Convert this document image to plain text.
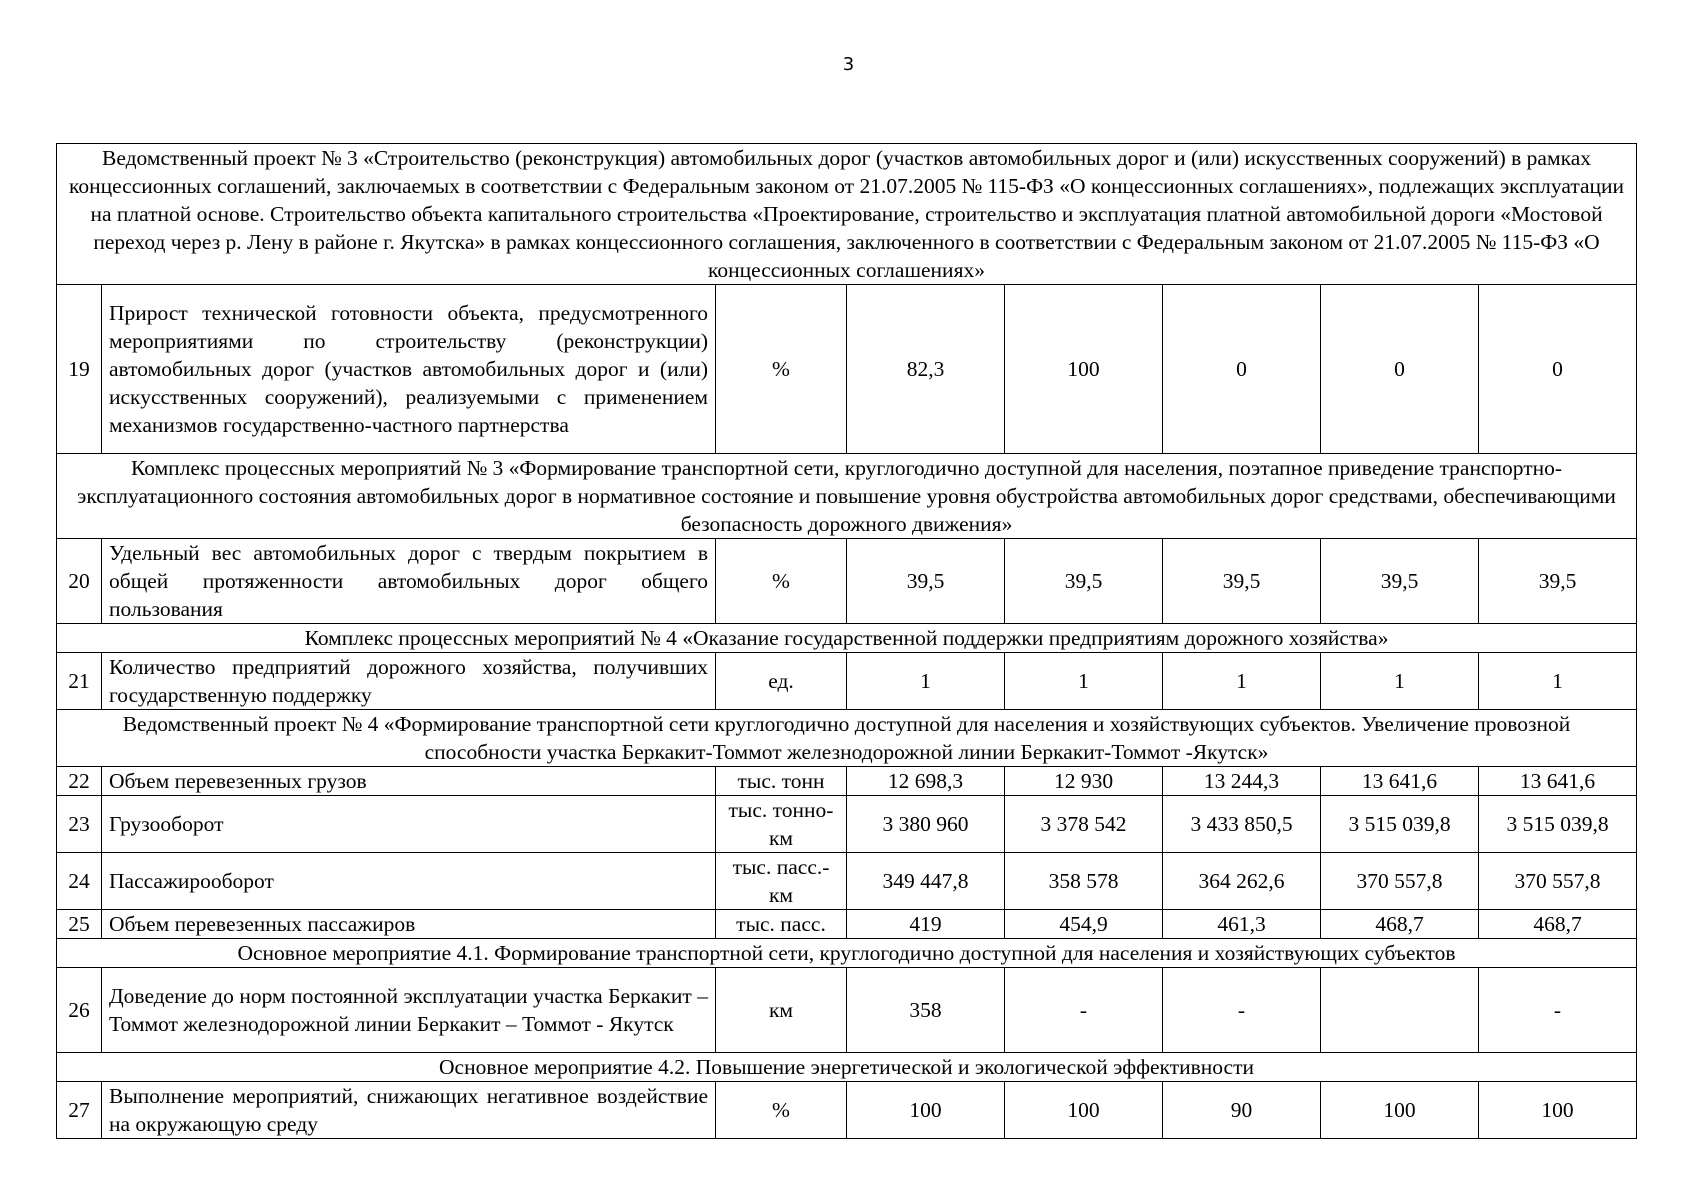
3
Ведомственный проект № 3 «Строительство (реконструкция) автомобильных дорог (участков автомобильных дорог и (или) искусственных сооружений) в рамках концессионных соглашений, заключаемых в соответствии с Федеральным законом от 21.07.2005 № 115-ФЗ «О концессионных соглашениях», подлежащих эксплуатации на платной основе. Строительство объекта капитального строительства «Проектирование, строительство и эксплуатация платной автомобильной дороги «Мостовой переход через р. Лену в районе г. Якутска» в рамках концессионного соглашения, заключенного в соответствии с Федеральным законом от 21.07.2005 № 115-ФЗ «О концессионных соглашениях»							
19	Прирост технической готовности объекта, предусмотренного мероприятиями по строительству (реконструкции) автомобильных дорог (участков автомобильных дорог и (или) искусственных сооружений), реализуемыми с применением механизмов государственно-частного партнерства	%	82,3	100	0	0	0
Комплекс процессных мероприятий № 3 «Формирование транспортной сети, круглогодично доступной для населения, поэтапное приведение транспортно-эксплуатационного состояния автомобильных дорог в нормативное состояние и повышение уровня обустройства автомобильных дорог средствами, обеспечивающими безопасность дорожного движения»							
20	Удельный вес автомобильных дорог с твердым покрытием в общей протяженности автомобильных дорог общего пользования	%	39,5	39,5	39,5	39,5	39,5
Комплекс процессных мероприятий № 4 «Оказание государственной поддержки предприятиям дорожного хозяйства»							
21	Количество предприятий дорожного хозяйства, получивших государственную поддержку	ед.	1	1	1	1	1
Ведомственный проект № 4 «Формирование транспортной сети круглогодично доступной для населения и хозяйствующих субъектов. Увеличение провозной способности участка Беркакит-Томмот железнодорожной линии Беркакит-Томмот -Якутск»							
22	Объем перевезенных грузов	тыс. тонн	12 698,3	12 930	13 244,3	13 641,6	13 641,6
23	Грузооборот	тыс. тонно-км	3 380 960	3 378 542	3 433 850,5	3 515 039,8	3 515 039,8
24	Пассажирооборот	тыс. пасс.-км	349 447,8	358 578	364 262,6	370 557,8	370 557,8
25	Объем перевезенных пассажиров	тыс. пасс.	419	454,9	461,3	468,7	468,7
Основное мероприятие 4.1. Формирование транспортной сети, круглогодично доступной для населения и хозяйствующих субъектов							
26	Доведение до норм постоянной эксплуатации участка Беркакит – Томмот железнодорожной линии Беркакит – Томмот - Якутск	км	358	-	-		-
Основное мероприятие 4.2. Повышение энергетической и экологической эффективности							
27	Выполнение мероприятий, снижающих негативное воздействие на окружающую среду	%	100	100	90	100	100
